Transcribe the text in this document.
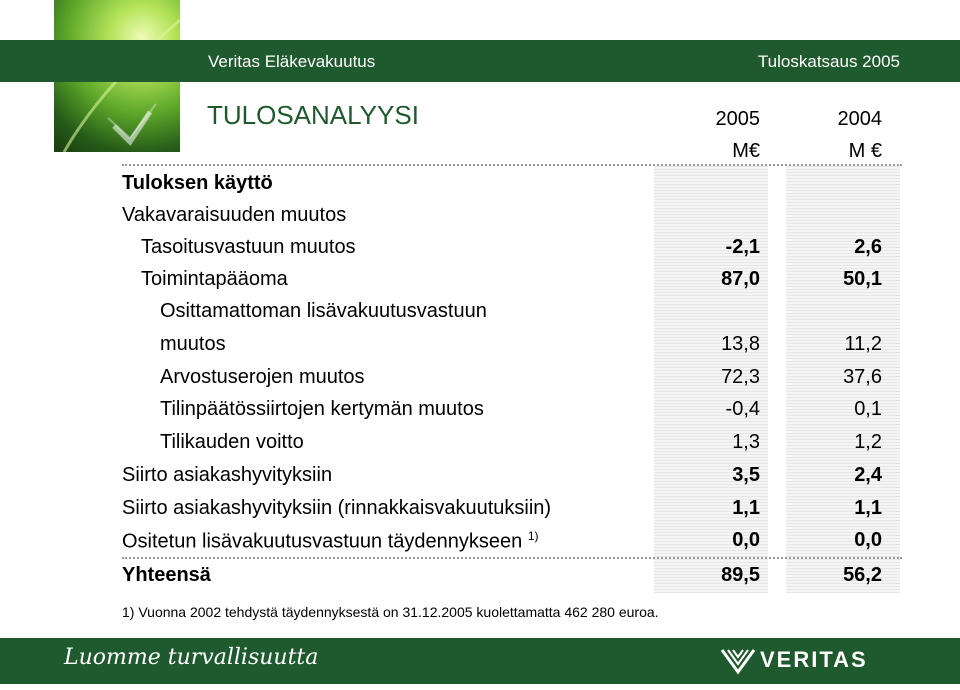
Veritas Eläkevakuutus	Tuloskatsaus 2005
TULOSANALYYSI	2005	2004
M€	M €
Tuloksen käyttö
Vakavaraisuuden muutos
Tasoitusvastuun muutos	-2,1	2,6
Toimintapääoma	87,0	50,1
Osittamattoman lisävakuutusvastuun
muutos	13,8	11,2
Arvostuserojen muutos	72,3	37,6
Tilinpäätössiirtojen kertymän muutos	-0,4	0,1
Tilikauden voitto	1,3	1,2
Siirto asiakashyvityksiin	3,5	2,4
Siirto asiakashyvityksiin (rinnakkaisvakuutuksiin)	1,1	1,1
Ositetun lisävakuutusvastuun täydennykseen $^{1)}$	0,0	0,0
Yhteensä	89,5	56,2
1) Vuonna 2002 tehdystä täydennyksestä on 31.12.2005 kuolettamatta 462 280 euroa.
Luomme turvallisuutta	VERITAS
